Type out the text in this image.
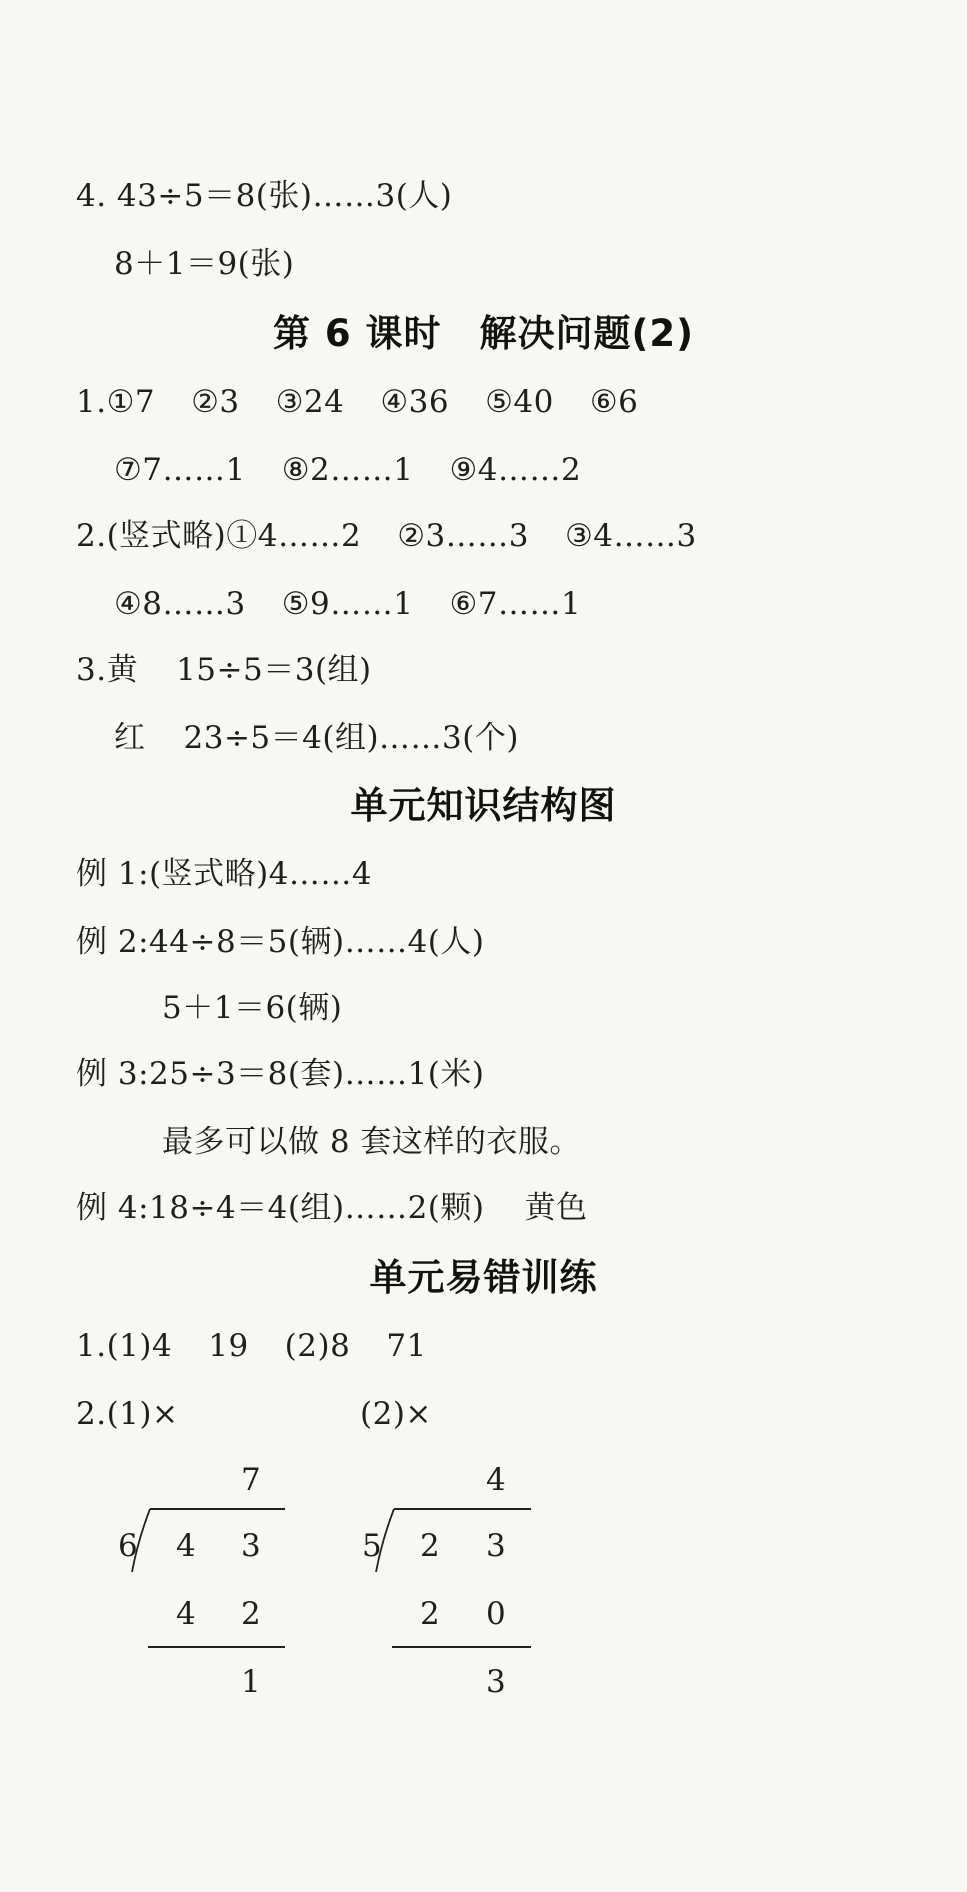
4. 43÷5＝8(张)……3(人)
8＋1＝9(张)
第 6 课时　解决问题(2)
1.①7 ②3 ③24 ④36 ⑤40 ⑥6
⑦7……1 ⑧2……1 ⑨4……2
2.(竖式略)①4……2 ②3……3 ③4……3
④8……3 ⑤9……1 ⑥7……1
3.黄 15÷5＝3(组)
红 23÷5＝4(组)……3(个)
单元知识结构图
例 1:(竖式略)4……4
例 2:44÷8＝5(辆)……4(人)
5＋1＝6(辆)
例 3:25÷3＝8(套)……1(米)
最多可以做 8 套这样的衣服。
例 4:18÷4＝4(组)……2(颗) 黄色
单元易错训练
1.(1)4 19 (2)8 71
2.(1)×	(2)×
7
6 4 3
4 2
1
4
5 2 3
2 0
3
